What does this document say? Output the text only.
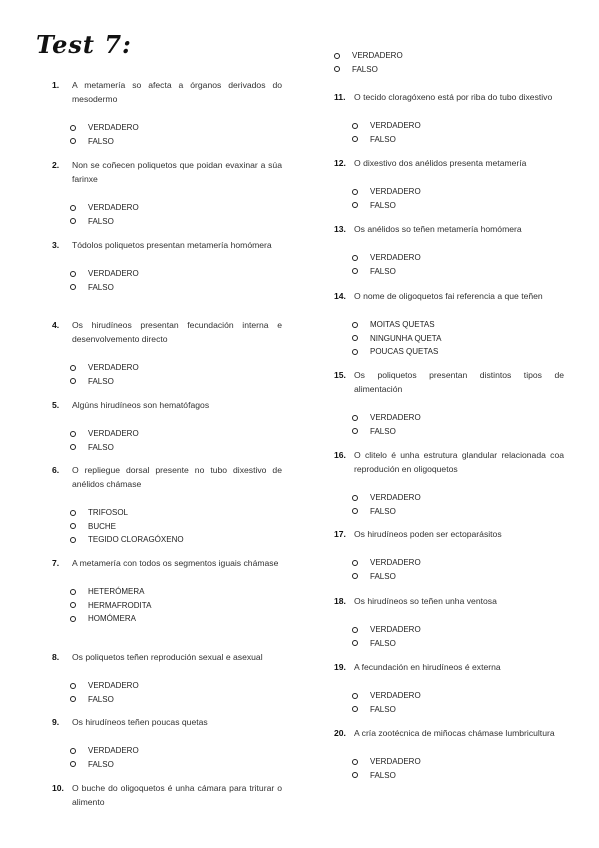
Test 7:
1.	A metamería so afecta a órganos derivados do mesodermo
VERDADERO
FALSO
2.	Non se coñecen poliquetos que poidan evaxinar a súa farinxe
VERDADERO
FALSO
3.	Tódolos poliquetos presentan metamería homómera
VERDADERO
FALSO
4.	Os hirudíneos presentan fecundación interna e desenvolvemento directo
VERDADERO
FALSO
5.	Algúns hirudíneos son hematófagos
VERDADERO
FALSO
6.	O repliegue dorsal presente no tubo dixestivo de anélidos chámase
TRIFOSOL
BUCHE
TEGIDO CLORAGÓXENO
7.	A metamería con todos os segmentos iguais chámase
HETERÓMERA
HERMAFRODITA
HOMÓMERA
8.	Os poliquetos teñen reprodución sexual e asexual
VERDADERO
FALSO
9.	Os hirudíneos teñen poucas quetas
VERDADERO
FALSO
10. O buche do oligoquetos é unha cámara para triturar o alimento
VERDADERO
FALSO
11. O tecido cloragóxeno está por riba do tubo dixestivo
VERDADERO
FALSO
12. O dixestivo dos anélidos presenta metamería
VERDADERO
FALSO
13. Os anélidos so teñen metamería homómera
VERDADERO
FALSO
14. O nome de oligoquetos fai referencia a que teñen
MOITAS QUETAS
NINGUNHA QUETA
POUCAS QUETAS
15. Os poliquetos presentan distintos tipos de alimentación
VERDADERO
FALSO
16. O clitelo é unha estrutura glandular relacionada coa reprodución en oligoquetos
VERDADERO
FALSO
17. Os hirudíneos poden ser ectoparásitos
VERDADERO
FALSO
18. Os hirudíneos so teñen unha ventosa
VERDADERO
FALSO
19. A fecundación en hirudíneos é externa
VERDADERO
FALSO
20. A cría zootécnica de miñocas chámase lumbricultura
VERDADERO
FALSO
